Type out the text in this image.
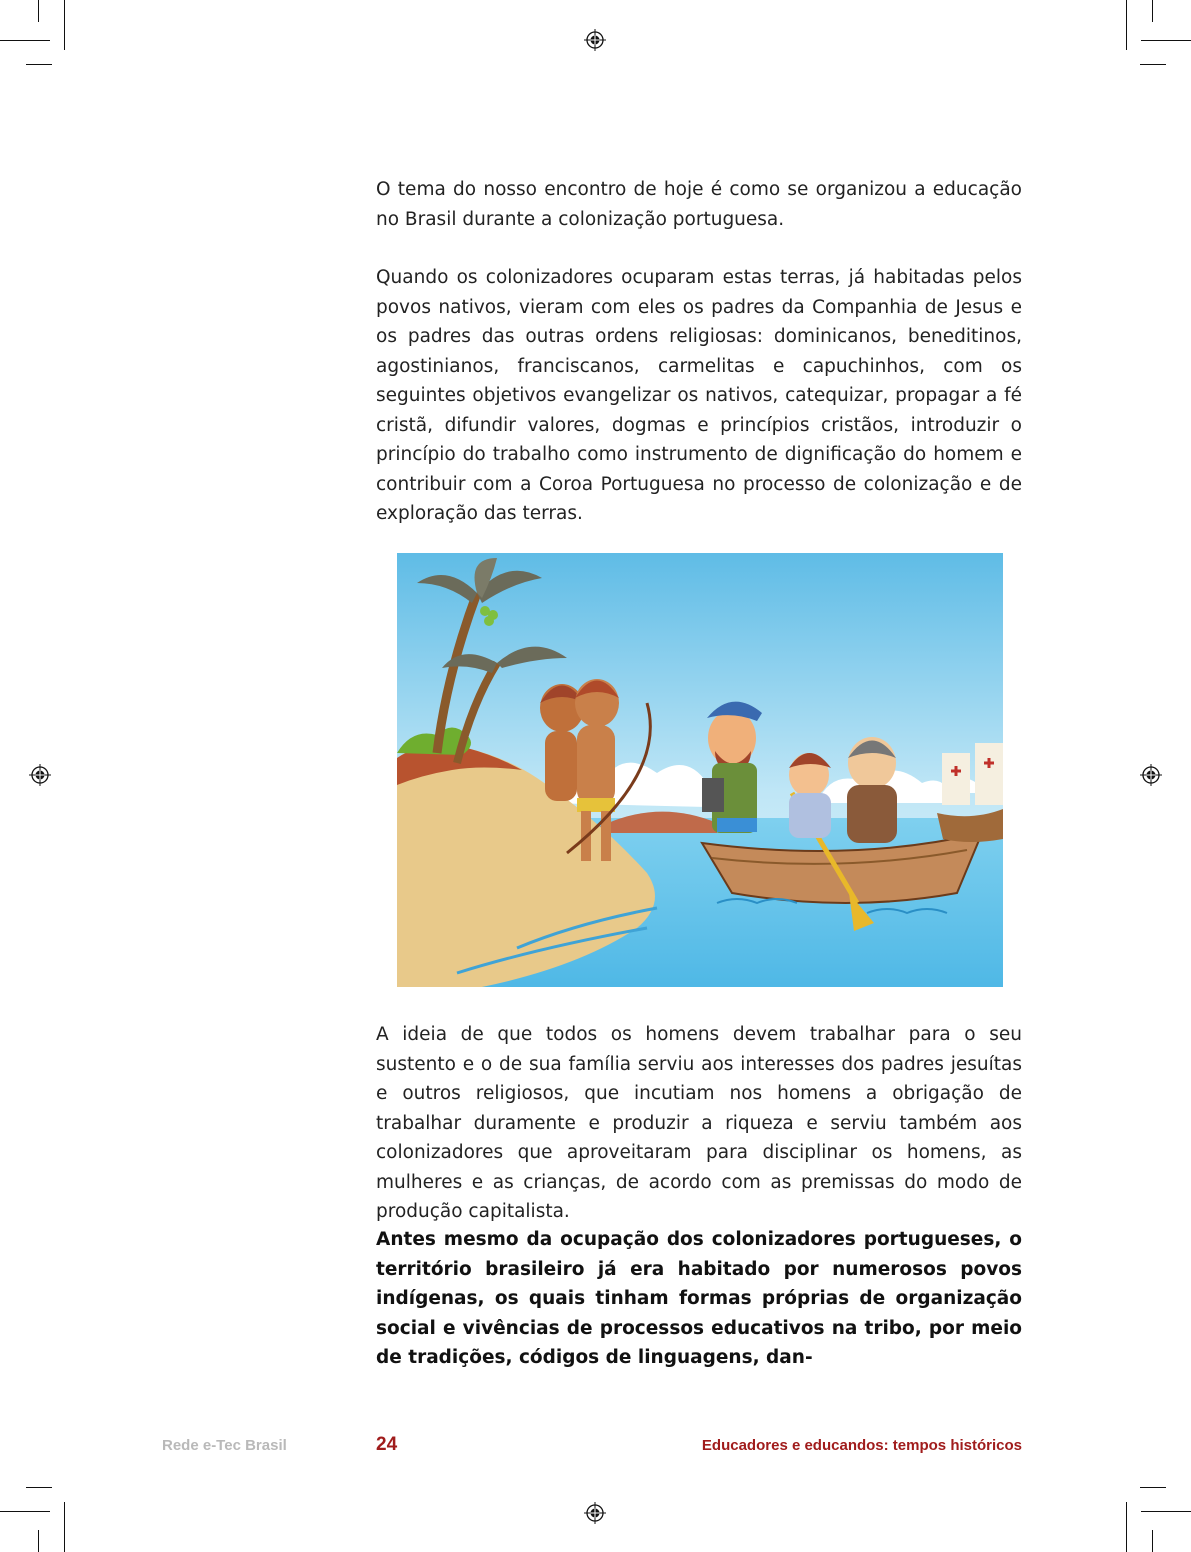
O tema do nosso encontro de hoje é como se organizou a educação no Brasil durante a colonização portuguesa.

Quando os colonizadores ocuparam estas terras, já habitadas pelos povos nativos, vieram com eles os padres da Companhia de Jesus e os padres das outras ordens religiosas: dominicanos, beneditinos, agostinianos, franciscanos, carmelitas e capuchinhos, com os seguintes objetivos evangelizar os nativos, catequizar, propagar a fé cristã, difundir valores, dogmas e princípios cristãos, introduzir o princípio do trabalho como instrumento de dignificação do homem e contribuir com a Coroa Portuguesa no processo de colonização e de exploração das terras.

A ideia de que todos os homens devem trabalhar para o seu sustento e o de sua família serviu aos interesses dos padres jesuítas e outros religiosos, que incutiam nos homens a obrigação de trabalhar duramente e produzir a riqueza e serviu também aos colonizadores que aproveitaram para disciplinar os homens, as mulheres e as crianças, de acordo com as premissas do modo de produção capitalista.

Antes mesmo da ocupação dos colonizadores portugueses, o território brasileiro já era habitado por numerosos povos indígenas, os quais tinham formas próprias de organização social e vivências de processos educativos na tribo, por meio de tradições, códigos de linguagens, dan-

Rede e-Tec Brasil	24	Educadores e educandos: tempos históricos
